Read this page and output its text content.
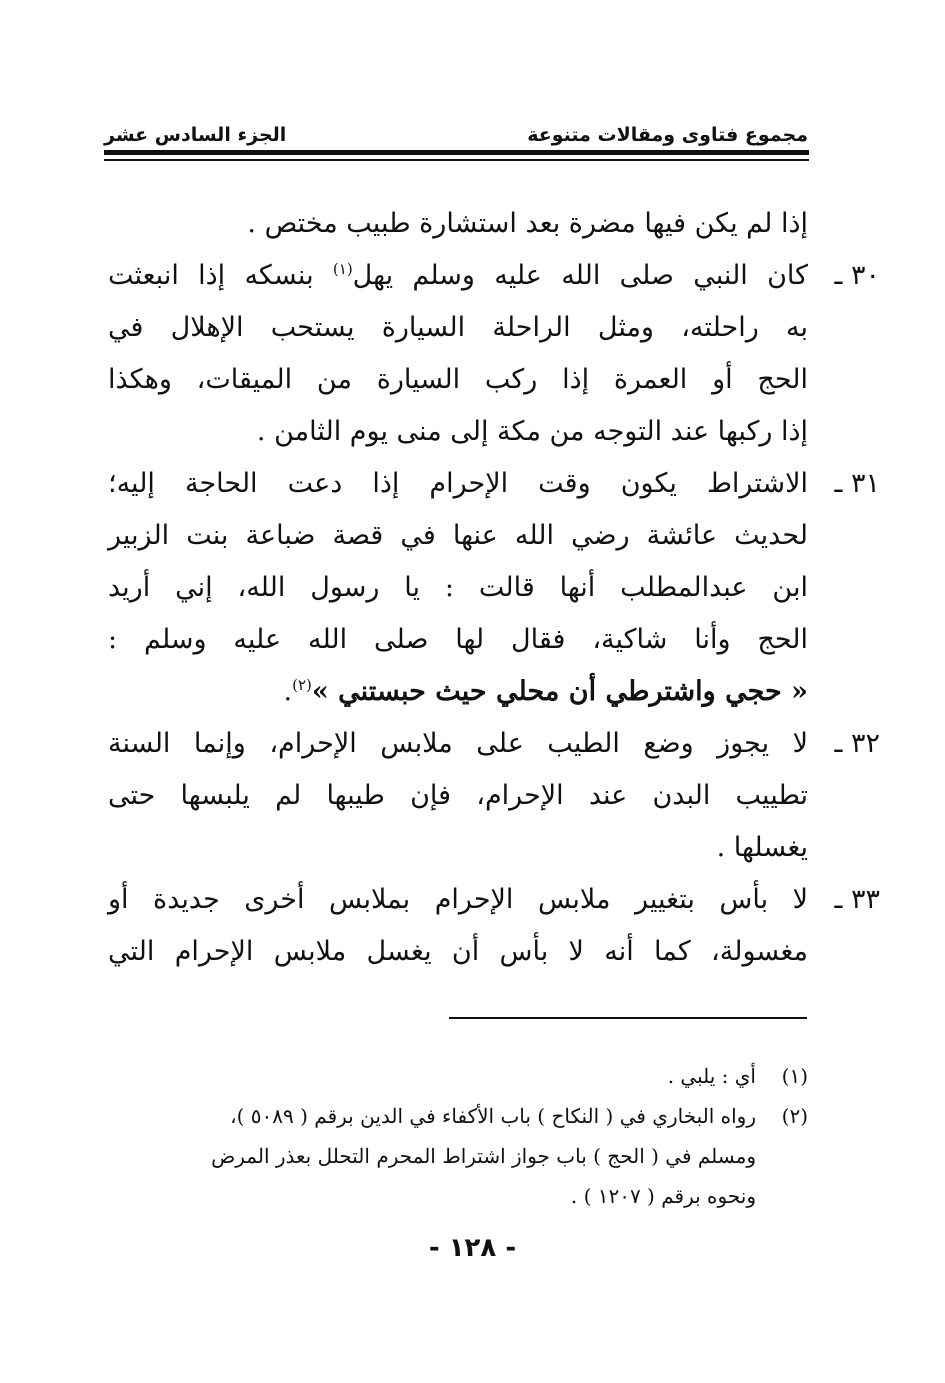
مجموع فتاوى ومقالات متنوعة
الجزء السادس عشر
إذا لم يكن فيها مضرة بعد استشارة طبيب مختص .
٣٠ ـ
كان النبي صلى الله عليه وسلم يهل$^{(١)}$ بنسكه إذا انبعثت
به راحلته، ومثل الراحلة السيارة يستحب الإهلال في
الحج أو العمرة إذا ركب السيارة من الميقات، وهكذا
إذا ركبها عند التوجه من مكة إلى منى يوم الثامن .
٣١ ـ
الاشتراط يكون وقت الإحرام إذا دعت الحاجة إليه؛
لحديث عائشة رضي الله عنها في قصة ضباعة بنت الزبير
ابن عبدالمطلب أنها قالت : يا رسول الله، إني أريد
الحج وأنا شاكية، فقال لها صلى الله عليه وسلم :
« حجي واشترطي أن محلي حيث حبستني »$^{(٢)}$.
٣٢ ـ
لا يجوز وضع الطيب على ملابس الإحرام، وإنما السنة
تطييب البدن عند الإحرام، فإن طيبها لم يلبسها حتى
يغسلها .
٣٣ ـ
لا بأس بتغيير ملابس الإحرام بملابس أخرى جديدة أو
مغسولة، كما أنه لا بأس أن يغسل ملابس الإحرام التي
(١)
أي : يلبي .
(٢)
رواه البخاري في ( النكاح ) باب الأكفاء في الدين برقم ( ٥٠٨٩ )،
ومسلم في ( الحج ) باب جواز اشتراط المحرم التحلل بعذر المرض
ونحوه برقم ( ١٢٠٧ ) .
- ١٢٨ -
